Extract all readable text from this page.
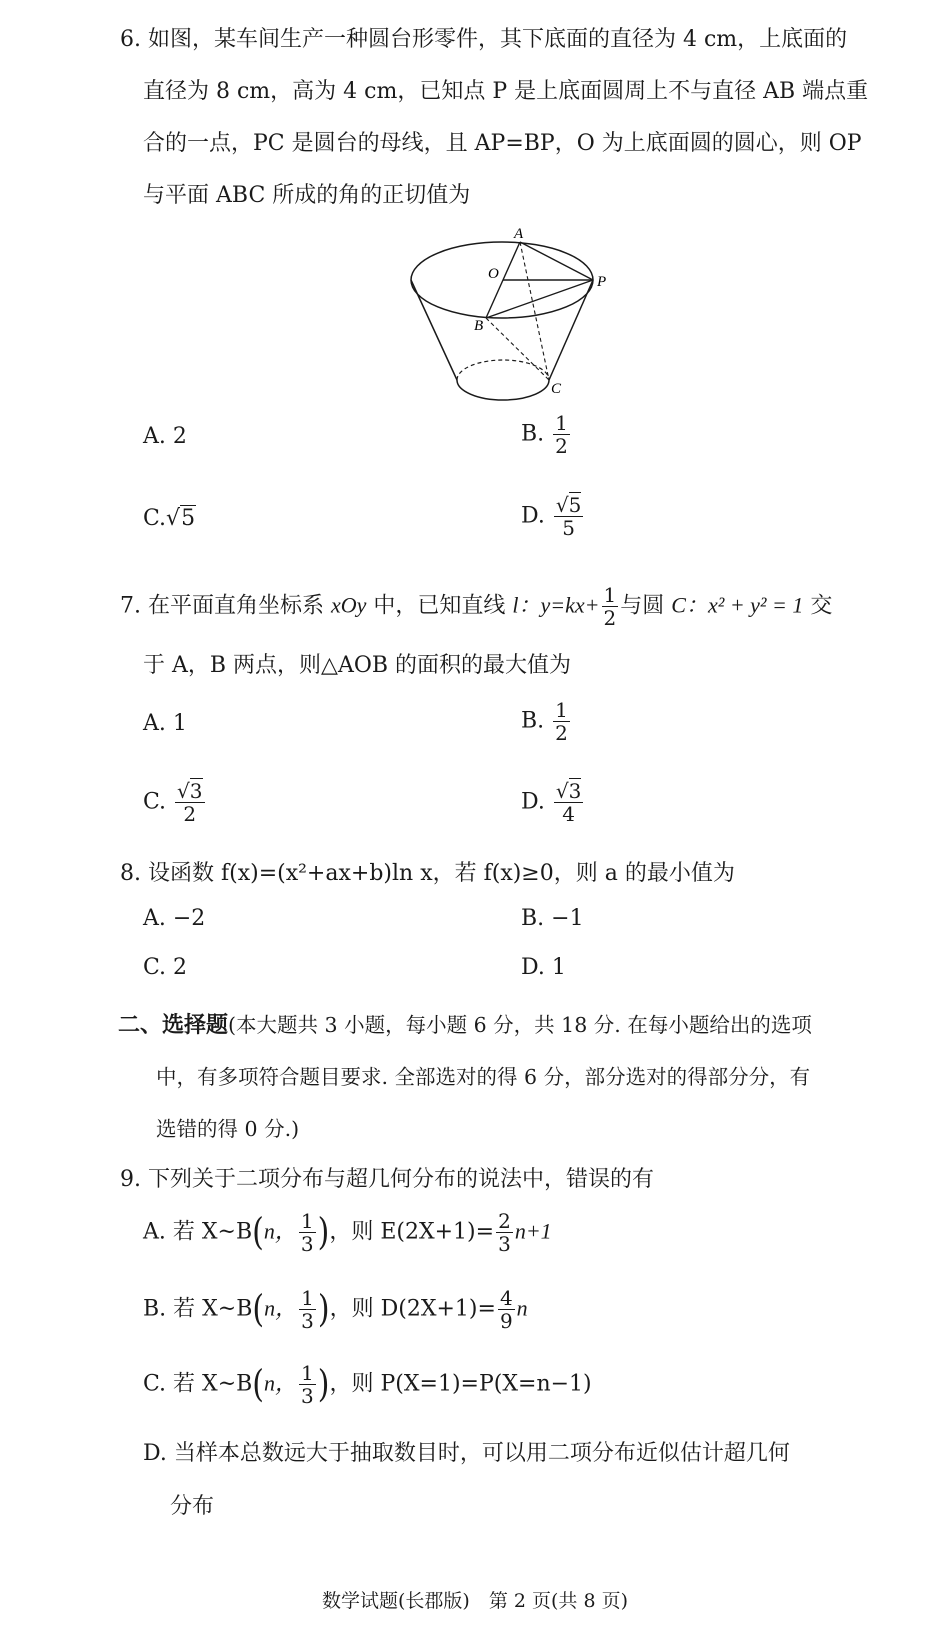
6. 如图，某车间生产一种圆台形零件，其下底面的直径为 4 cm，上底面的
直径为 8 cm，高为 4 cm，已知点 P 是上底面圆周上不与直径 AB 端点重
合的一点，PC 是圆台的母线，且 AP=BP，O 为上底面圆的圆心，则 OP
与平面 ABC 所成的角的正切值为
A
O	P
B
C
A. 2	B. $\frac{1}{2}$
C.√5	D. $\frac{√5}{5}$
7. 在平面直角坐标系 xOy 中，已知直线 l：$y=kx+ \frac{1}{2}$ 与圆 C：x² + y² = 1 交
于 A，B 两点，则△AOB 的面积的最大值为
A. 1	B. $\frac{1}{2}$
C. $\frac{√3}{2}$	D. $\frac{√3}{4}$
8. 设函数 f(x)=(x²+ax+b)ln x，若 f(x)≥0，则 a 的最小值为
A. −2	B. −1
C. 2	D. 1
二、选择题(本大题共 3 小题，每小题 6 分，共 18 分. 在每小题给出的选项
中，有多项符合题目要求. 全部选对的得 6 分，部分选对的得部分分，有
选错的得 0 分.)
9. 下列关于二项分布与超几何分布的说法中，错误的有
A. 若 X~B(n， $\frac{1}{3}$ )，则 $E(2X+1)= \frac{2}{3} n+1$
B. 若 X~B(n， $\frac{1}{3}$ )，则 $D(2X+1)= \frac{4}{9}$ n
C. 若 X~B(n， $\frac{1}{3}$ )，则 P(X=1)=P(X=n−1)
D. 当样本总数远大于抽取数目时，可以用二项分布近似估计超几何
分布
数学试题(长郡版)　第 2 页(共 8 页)
